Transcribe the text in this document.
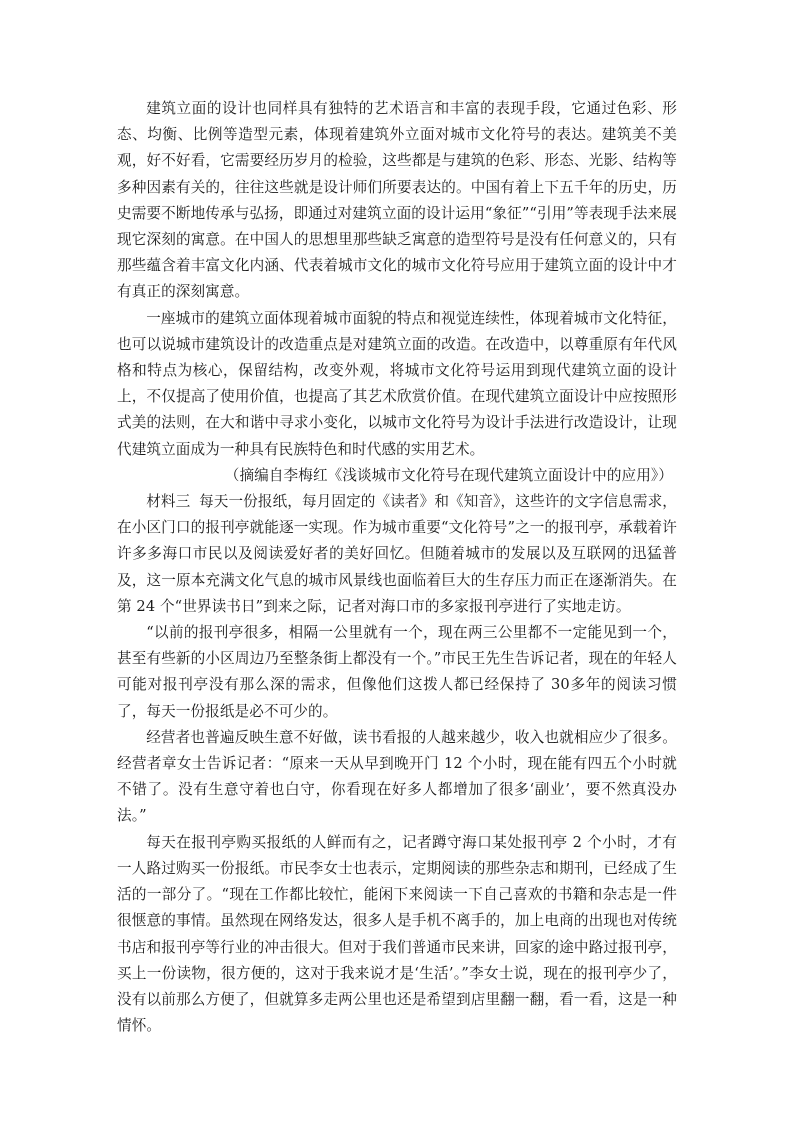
建筑立面的设计也同样具有独特的艺术语言和丰富的表现手段，它通过色彩、形态、均衡、比例等造型元素，体现着建筑外立面对城市文化符号的表达。建筑美不美观，好不好看，它需要经历岁月的检验，这些都是与建筑的色彩、形态、光影、结构等多种因素有关的，往往这些就是设计师们所要表达的。中国有着上下五千年的历史，历史需要不断地传承与弘扬，即通过对建筑立面的设计运用“象征”“引用”等表现手法来展现它深刻的寓意。在中国人的思想里那些缺乏寓意的造型符号是没有任何意义的，只有那些蕴含着丰富文化内涵、代表着城市文化的城市文化符号应用于建筑立面的设计中才有真正的深刻寓意。

一座城市的建筑立面体现着城市面貌的特点和视觉连续性，体现着城市文化特征，也可以说城市建筑设计的改造重点是对建筑立面的改造。在改造中，以尊重原有年代风格和特点为核心，保留结构，改变外观，将城市文化符号运用到现代建筑立面的设计上，不仅提高了使用价值，也提高了其艺术欣赏价值。在现代建筑立面设计中应按照形式美的法则，在大和谐中寻求小变化，以城市文化符号为设计手法进行改造设计，让现代建筑立面成为一种具有民族特色和时代感的实用艺术。

（摘编自李梅红《浅谈城市文化符号在现代建筑立面设计中的应用》）

材料三 每天一份报纸，每月固定的《读者》和《知音》，这些许的文字信息需求，在小区门口的报刊亭就能逐一实现。作为城市重要“文化符号”之一的报刊亭，承载着许许多多海口市民以及阅读爱好者的美好回忆。但随着城市的发展以及互联网的迅猛普及，这一原本充满文化气息的城市风景线也面临着巨大的生存压力而正在逐渐消失。在第 24 个“世界读书日”到来之际，记者对海口市的多家报刊亭进行了实地走访。

“以前的报刊亭很多，相隔一公里就有一个，现在两三公里都不一定能见到一个，甚至有些新的小区周边乃至整条街上都没有一个。”市民王先生告诉记者，现在的年轻人可能对报刊亭没有那么深的需求，但像他们这拨人都已经保持了 30多年的阅读习惯了，每天一份报纸是必不可少的。

经营者也普遍反映生意不好做，读书看报的人越来越少，收入也就相应少了很多。经营者章女士告诉记者：“原来一天从早到晚开门 12 个小时，现在能有四五个小时就不错了。没有生意守着也白守，你看现在好多人都增加了很多‘副业’，要不然真没办法。”

每天在报刊亭购买报纸的人鲜而有之，记者蹲守海口某处报刊亭 2 个小时，才有一人路过购买一份报纸。市民李女士也表示，定期阅读的那些杂志和期刊，已经成了生活的一部分了。“现在工作都比较忙，能闲下来阅读一下自己喜欢的书籍和杂志是一件很惬意的事情。虽然现在网络发达，很多人是手机不离手的，加上电商的出现也对传统书店和报刊亭等行业的冲击很大。但对于我们普通市民来讲，回家的途中路过报刊亭，买上一份读物，很方便的，这对于我来说才是‘生活’。”李女士说，现在的报刊亭少了，没有以前那么方便了，但就算多走两公里也还是希望到店里翻一翻，看一看，这是一种情怀。
